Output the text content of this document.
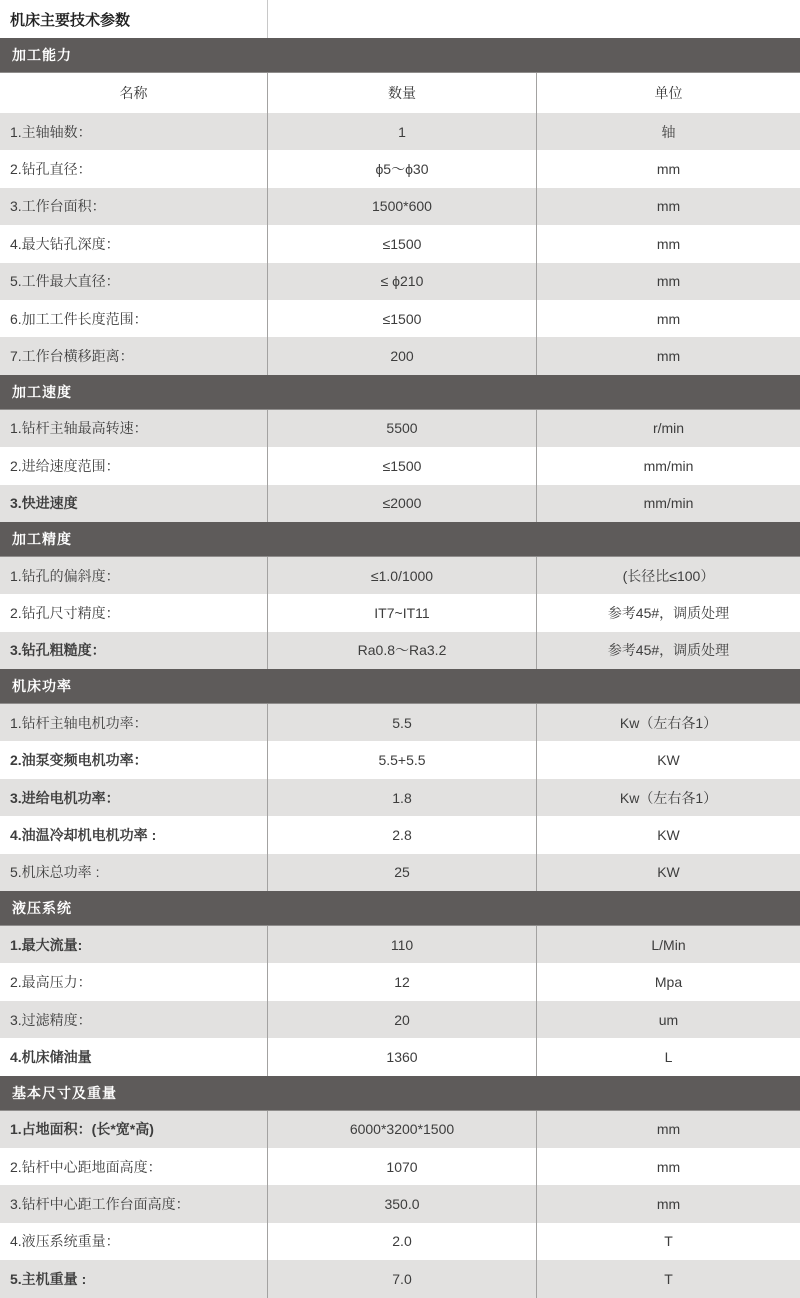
机床主要技术参数
加工能力
名称	数量	单位
1.主轴轴数：	1	轴
2.钻孔直径：	ϕ5～ϕ30	mm
3.工作台面积：	1500*600	mm
4.最大钻孔深度：	≤1500	mm
5.工件最大直径：	≤ ϕ210	mm
6.加工工件长度范围：	≤1500	mm
7.工作台横移距离：	200	mm
加工速度
1.钻杆主轴最高转速：	5500	r/min
2.进给速度范围：	≤1500	mm/min
3.快进速度	≤2000	mm/min
加工精度
1.钻孔的偏斜度：	≤1.0/1000	(长径比≤100）
2.钻孔尺寸精度：	IT7~IT11	参考45#，调质处理
3.钻孔粗糙度：	Ra0.8～Ra3.2	参考45#，调质处理
机床功率
1.钻杆主轴电机功率：	5.5	Kw（左右各1）
2.油泵变频电机功率：	5.5+5.5	KW
3.进给电机功率：	1.8	Kw（左右各1）
4.油温冷却机电机功率 :	2.8	KW
5.机床总功率 :	25	KW
液压系统
1.最大流量:	110	L/Min
2.最高压力：	12	Mpa
3.过滤精度：	20	um
4.机床储油量	1360	L
基本尺寸及重量
1.占地面积：(长*宽*高)	6000*3200*1500	mm
2.钻杆中心距地面高度：	1070	mm
3.钻杆中心距工作台面高度：	350.0	mm
4.液压系统重量：	2.0	T
5.主机重量 :	7.0	T
